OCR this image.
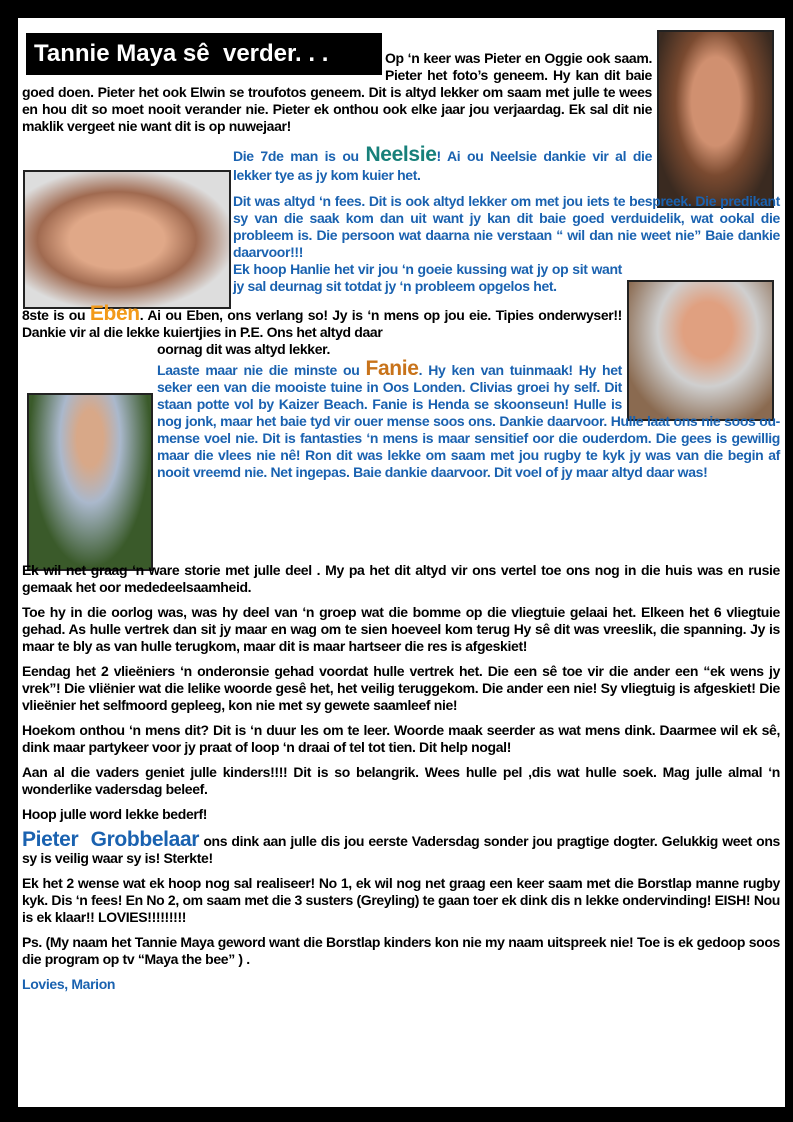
Tannie Maya sê  verder. . .	Op ‘n keer was Pieter en Oggie ook saam. Pieter het foto’s geneem. Hy kan dit baie goed doen. Pieter het ook Elwin se troufotos geneem. Dit is altyd lekker om saam met julle te wees en hou dit so moet nooit verander nie. Pieter ek onthou ook elke jaar jou verjaardag. Ek sal dit nie maklik vergeet nie want dit is op nuwejaar!

Die 7de man is ou Neelsie! Ai ou Neelsie dankie vir al die lekker tye as jy kom kuier het.

Dit was altyd ‘n fees. Dit is ook altyd lekker om met jou iets te bespreek. Die predikant sy van die saak kom dan uit want jy kan dit baie goed verduidelik, wat ookal die probleem is. Die persoon wat daarna nie verstaan “ wil dan nie weet nie” Baie dankie daarvoor!!!

Ek hoop Hanlie het vir jou ‘n goeie kussing wat jy op sit want jy sal deurnag sit totdat jy ‘n probleem opgelos het.

8ste is ou Eben. Ai ou Eben, ons verlang so! Jy is ‘n mens op jou eie. Tipies onderwyser!! Dankie vir al die lekke kuiertjies in P.E. Ons het altyd daar

oornag dit was altyd lekker.

Laaste maar nie die minste ou Fanie. Hy ken van tuinmaak! Hy het seker een van die mooiste tuine in Oos Londen. Clivias groei hy self. Dit staan potte vol by Kaizer Beach. Fanie is Henda se skoonseun! Hulle is nog jonk, maar het baie tyd vir ouer mense soos ons. Dankie daarvoor. Hulle laat ons nie soos ou-mense voel nie. Dit is fantasties ‘n mens is maar sensitief oor die ouderdom. Die gees is gewillig maar die vlees nie nê! Ron dit was lekke om saam met jou rugby te kyk jy was van die begin af nooit vreemd nie. Net ingepas. Baie dankie daarvoor. Dit voel of jy maar altyd daar was!

Ek wil net graag ‘n ware storie met julle deel . My pa het dit altyd vir ons vertel toe ons nog in die huis was en rusie gemaak het oor mededeelsaamheid.

Toe hy in die oorlog was, was hy deel van ‘n groep wat die bomme op die vliegtuie gelaai het. Elkeen het 6 vliegtuie gehad. As hulle vertrek dan sit jy maar en wag om te sien hoeveel kom terug Hy sê dit was vreeslik, die spanning. Jy is maar te bly as van hulle terugkom, maar dit is maar hartseer die res is afgeskiet!

Eendag het 2 vlieëniers ‘n onderonsie gehad voordat hulle vertrek het. Die een sê toe vir die ander een “ek wens jy vrek”! Die vliënier wat die lelike woorde gesê het, het veilig teruggekom. Die ander een nie! Sy vliegtuig is afgeskiet! Die vlieënier het selfmoord gepleeg, kon nie met sy gewete saamleef nie!

Hoekom onthou ‘n mens dit? Dit is ‘n duur les om te leer. Woorde maak seerder as wat mens dink. Daarmee wil ek sê, dink maar partykeer voor jy praat of loop ‘n draai of tel tot tien. Dit help nogal!

Aan al die vaders geniet julle kinders!!!! Dit is so belangrik. Wees hulle pel ,dis wat hulle soek. Mag julle almal ‘n wonderlike vadersdag beleef.

Hoop julle word lekke bederf!

Pieter  Grobbelaar ons dink aan julle dis jou eerste Vadersdag sonder jou pragtige dogter. Gelukkig weet ons sy is veilig waar sy is! Sterkte!

Ek het 2 wense wat ek hoop nog sal realiseer! No 1, ek wil nog net graag een keer saam met die Borstlap manne rugby kyk. Dis ‘n fees! En No 2, om saam met die 3 susters (Greyling) te gaan toer ek dink dis n lekke ondervinding! EISH! Nou is ek klaar!! LOVIES!!!!!!!!!

Ps. (My naam het Tannie Maya geword want die Borstlap kinders kon nie my naam uitspreek nie! Toe is ek gedoop soos die program op tv “Maya the bee” ) .

Lovies, Marion
